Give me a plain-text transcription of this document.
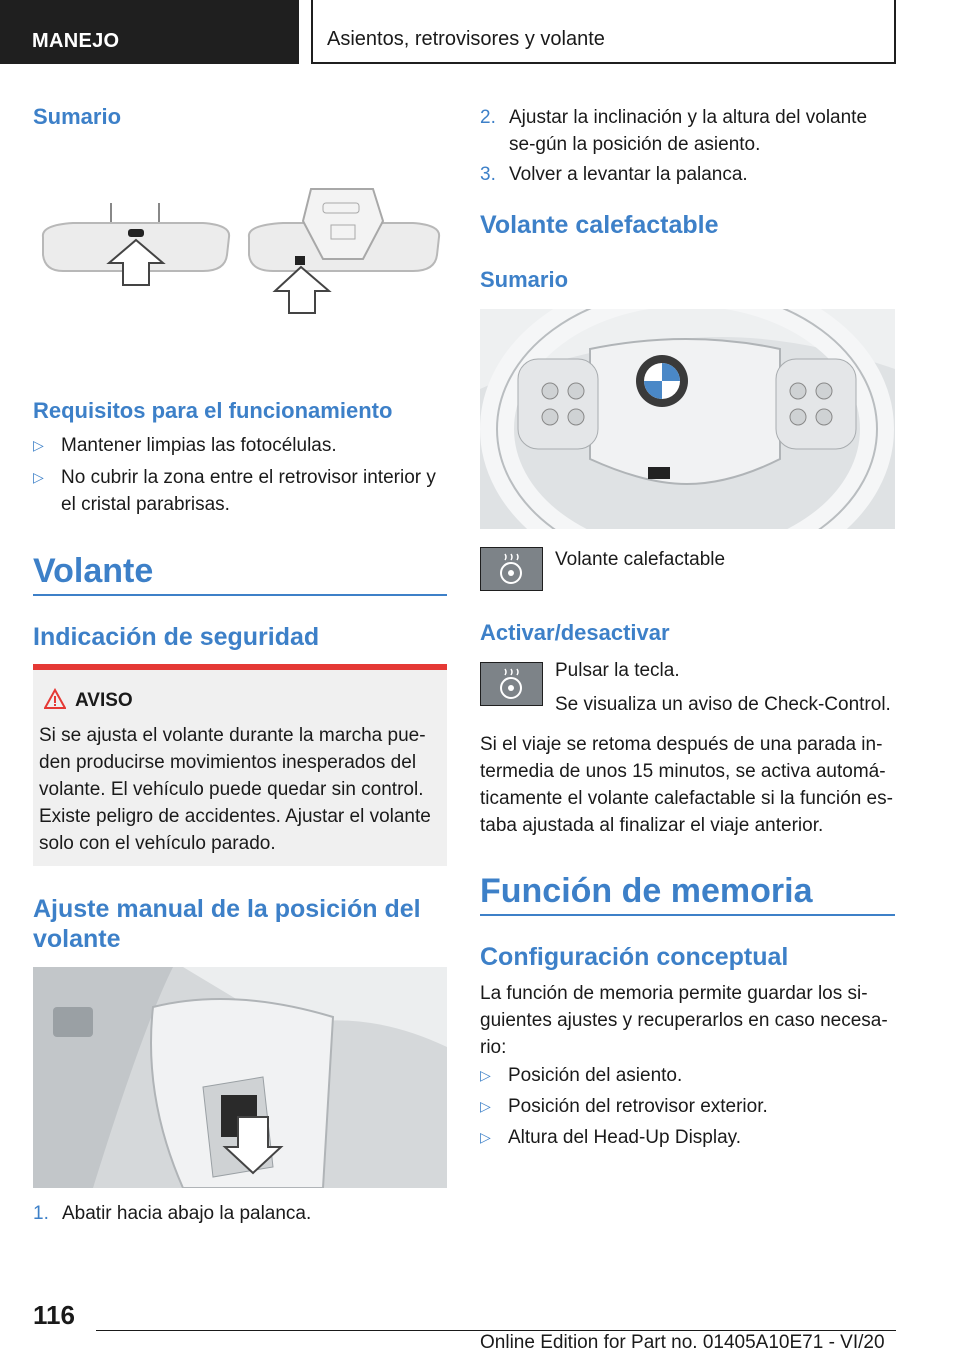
MANEJO	Asientos, retrovisores y volante
Sumario
Requisitos para el funcionamiento
▷ Mantener limpias las fotocélulas.
▷ No cubrir la zona entre el retrovisor interior y el cristal parabrisas.
Volante
Indicación de seguridad
AVISO
Si se ajusta el volante durante la marcha pue-den producirse movimientos inesperados del volante. El vehículo puede quedar sin control. Existe peligro de accidentes. Ajustar el volante solo con el vehículo parado.
Ajuste manual de la posición del volante
1. Abatir hacia abajo la palanca.
2. Ajustar la inclinación y la altura del volante se-gún la posición de asiento.
3. Volver a levantar la palanca.
Volante calefactable
Sumario
Volante calefactable
Activar/desactivar
Pulsar la tecla.
Se visualiza un aviso de Check-Control.
Si el viaje se retoma después de una parada in-termedia de unos 15 minutos, se activa automá-ticamente el volante calefactable si la función es-taba ajustada al finalizar el viaje anterior.
Función de memoria
Configuración conceptual
La función de memoria permite guardar los si-guientes ajustes y recuperarlos en caso necesa-rio:
▷ Posición del asiento.
▷ Posición del retrovisor exterior.
▷ Altura del Head-Up Display.
116
Online Edition for Part no. 01405A10E71 - VI/20
